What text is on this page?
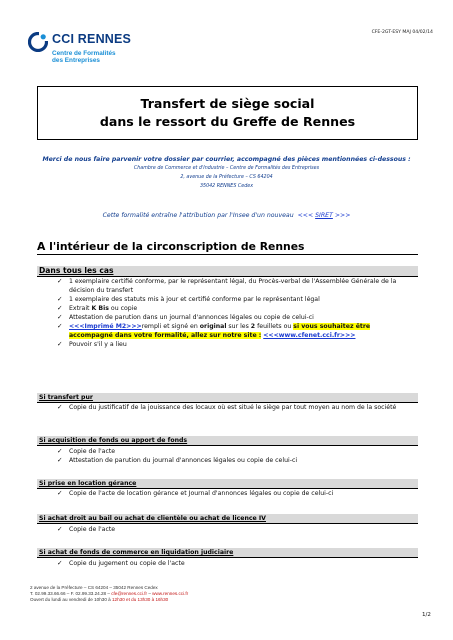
CFE-2GT-ESY MAJ 04/02/14
CCI RENNES
Centre de Formalités
des Entreprises
Transfert de siège social
dans le ressort du Greffe de Rennes
Merci de nous faire parvenir votre dossier par courrier, accompagné des pièces mentionnées ci-dessous :
Chambre de Commerce et d'Industrie – Centre de Formalités des Entreprises
2, avenue de la Préfecture – CS 64204
35042 RENNES Cedex
Cette formalité entraîne l'attribution par l'Insee d'un nouveau <<< SIRET >>>
A l'intérieur de la circonscription de Rennes
Dans tous les cas
✓ 1 exemplaire certifié conforme, par le représentant légal, du Procès-verbal de l'Assemblée Générale de la décision du transfert
✓ 1 exemplaire des statuts mis à jour et certifié conforme par le représentant légal
✓ Extrait K Bis ou copie
✓ Attestation de parution dans un journal d'annonces légales ou copie de celui-ci
✓ <<<Imprimé M2>>>rempli et signé en original sur les 2 feuillets ou si vous souhaitez être accompagné dans votre formalité, allez sur notre site : <<<www.cfenet.cci.fr>>>
✓ Pouvoir s'il y a lieu
Si transfert pur
✓ Copie du justificatif de la jouissance des locaux où est situé le siège par tout moyen au nom de la société
Si acquisition de fonds ou apport de fonds
✓ Copie de l'acte
✓ Attestation de parution du journal d'annonces légales ou copie de celui-ci
Si prise en location gérance
✓ Copie de l'acte de location gérance et Journal d'annonces légales ou copie de celui-ci
Si achat droit au bail ou achat de clientèle ou achat de licence IV
✓ Copie de l'acte
Si achat de fonds de commerce en liquidation judiciaire
✓ Copie du jugement ou copie de l'acte
2 avenue de la Préfecture – CS 64204 – 35042 Rennes Cedex
T. 02.99.33.66.66 – F. 02.99.33.24.28 – cfe@rennes.cci.fr – www.rennes.cci.fr
Ouvert du lundi au vendredi de 10h30 à 12h30 et du 13h30 à 16h30
1/2
